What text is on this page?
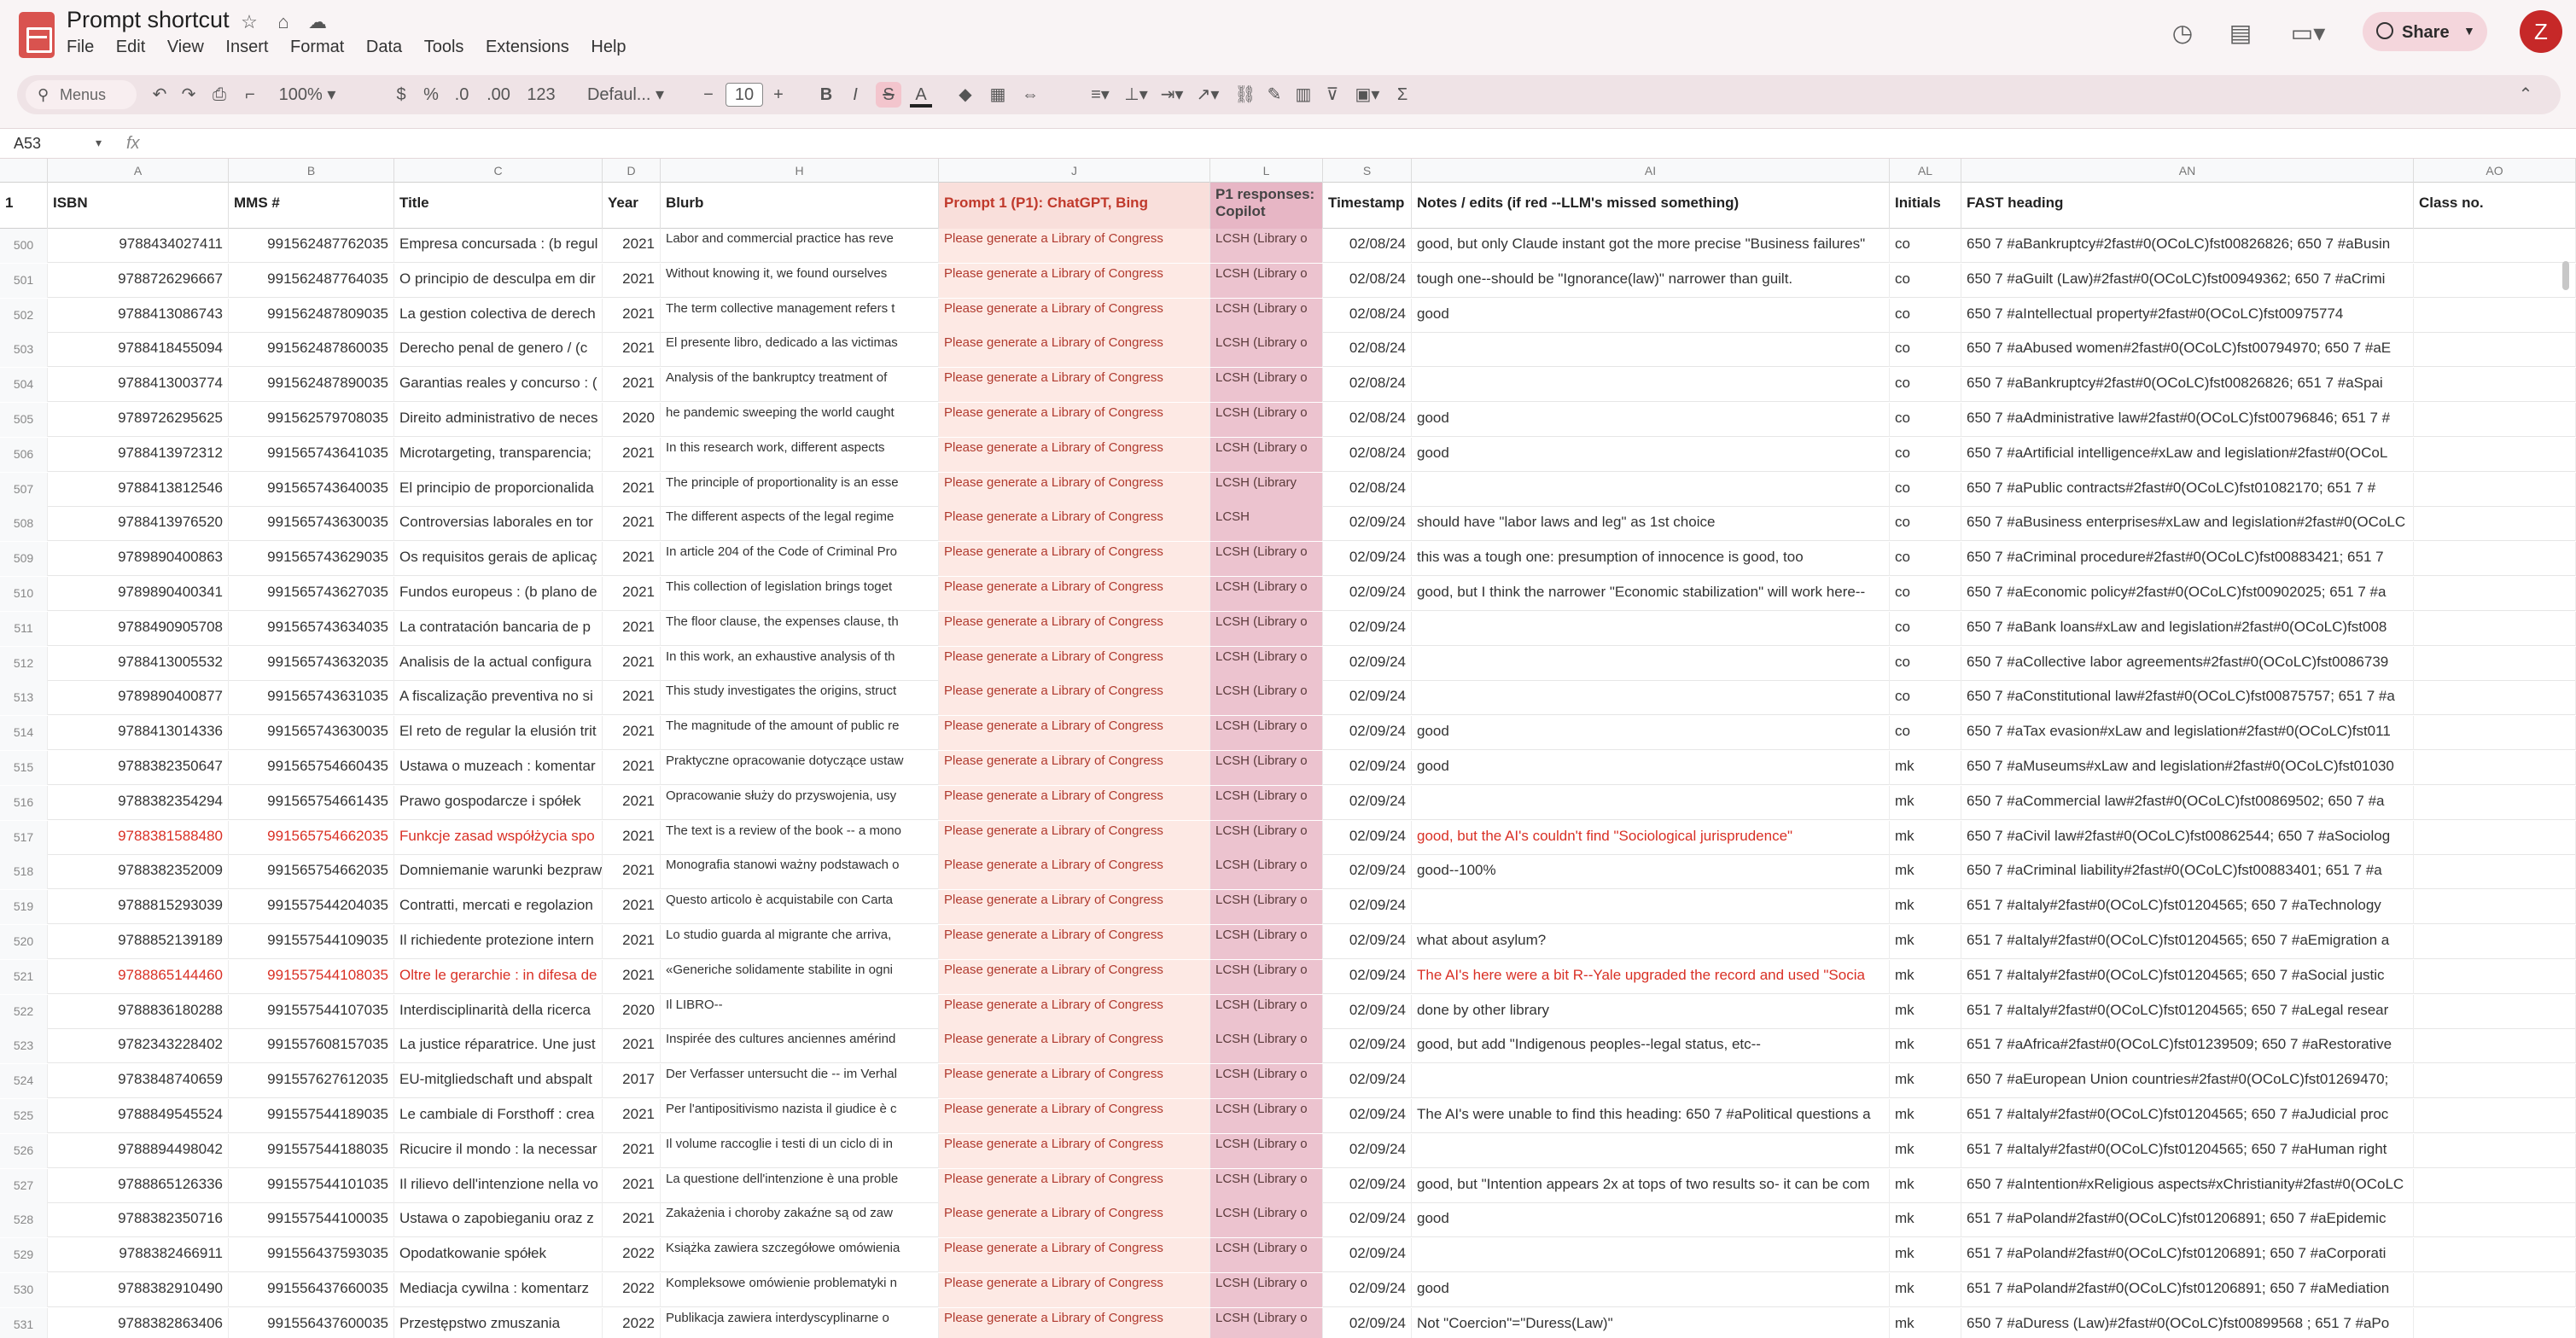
Prompt shortcut ☆ ⌂ ☁
File Edit View Insert Format Data Tools Extensions Help
◷ ▤ ▭▾	Share ▼	Z
⚲ Menus	↶ ↷ ⎙	⌐	100% ▾	$ % .0	.00 123	Defaul... ▾	−	10	+ B	I	S	A	◆ ▦ ⇔	≡▾ ⊥▾ ⇥▾ ↗▾ ⛓ ✎ ▥ ⊽ ▣▾	Σ	⌃
A53	▾ fx
A	B	C	D	H	J	L	S	AI	AL	AN	AO
1	ISBN	MMS #	Title	Year	Blurb	Prompt 1 (P1): ChatGPT, Bing
P1 responses: Copilot
Timestamp Notes / edits (if red --LLM's missed something)	Initials	FAST heading	Class no.
500	9788434027411	991562487762035 Empresa concursada : (b regul	2021 Labor and commercial practice has reve	Please generate a Library of Congress	LCSH (Library o	02/08/24 good, but only Claude instant got the more precise "Business failures"	co	650 7 #aBankruptcy#2fast#0(OCoLC)fst00826826; 650 7 #aBusin
501	9788726296667	991562487764035 O principio de desculpa em dir	2021 Without knowing it, we found ourselves	Please generate a Library of Congress	LCSH (Library o	02/08/24 tough one--should be "Ignorance(law)" narrower than guilt.	co	650 7 #aGuilt (Law)#2fast#0(OCoLC)fst00949362; 650 7 #aCrimi
502	9788413086743	991562487809035 La gestion colectiva de derech	2021 The term collective management refers t	Please generate a Library of Congress	LCSH (Library o	02/08/24 good	co	650 7 #aIntellectual property#2fast#0(OCoLC)fst00975774
503	9788418455094	991562487860035 Derecho penal de genero / (c	2021 El presente libro, dedicado a las victimas	Please generate a Library of Congress	LCSH (Library o	02/08/24	co	650 7 #aAbused women#2fast#0(OCoLC)fst00794970; 650 7 #aE
504	9788413003774	991562487890035 Garantias reales y concurso : (	2021 Analysis of the bankruptcy treatment of	Please generate a Library of Congress	LCSH (Library o	02/08/24	co	650 7 #aBankruptcy#2fast#0(OCoLC)fst00826826; 651 7 #aSpai
505	9789726295625	991562579708035 Direito administrativo de neces	2020 he pandemic sweeping the world caught	Please generate a Library of Congress	LCSH (Library o	02/08/24 good	co	650 7 #aAdministrative law#2fast#0(OCoLC)fst00796846; 651 7 #
506	9788413972312	991565743641035 Microtargeting, transparencia;	2021 In this research work, different aspects	Please generate a Library of Congress	LCSH (Library o	02/08/24 good	co	650 7 #aArtificial intelligence#xLaw and legislation#2fast#0(OCoL
507	9788413812546	991565743640035 El principio de proporcionalida	2021 The principle of proportionality is an esse	Please generate a Library of Congress	LCSH (Library	02/08/24	co	650 7 #aPublic contracts#2fast#0(OCoLC)fst01082170; 651 7 #
508	9788413976520	991565743630035 Controversias laborales en tor	2021 The different aspects of the legal regime	Please generate a Library of Congress	LCSH	02/09/24 should have "labor laws and leg" as 1st choice	co	650 7 #aBusiness enterprises#xLaw and legislation#2fast#0(OCoLC
509	9789890400863	991565743629035 Os requisitos gerais de aplicaç	2021 In article 204 of the Code of Criminal Pro	Please generate a Library of Congress	LCSH (Library o	02/09/24 this was a tough one: presumption of innocence is good, too	co	650 7 #aCriminal procedure#2fast#0(OCoLC)fst00883421; 651 7
510	9789890400341	991565743627035 Fundos europeus : (b plano de	2021 This collection of legislation brings toget	Please generate a Library of Congress	LCSH (Library o	02/09/24 good, but I think the narrower "Economic stabilization" will work here--	co	650 7 #aEconomic policy#2fast#0(OCoLC)fst00902025; 651 7 #a
511	9788490905708	991565743634035 La contratación bancaria de p	2021 The floor clause, the expenses clause, th	Please generate a Library of Congress	LCSH (Library o	02/09/24	co	650 7 #aBank loans#xLaw and legislation#2fast#0(OCoLC)fst008
512	9788413005532	991565743632035 Analisis de la actual configura	2021 In this work, an exhaustive analysis of th	Please generate a Library of Congress	LCSH (Library o	02/09/24	co	650 7 #aCollective labor agreements#2fast#0(OCoLC)fst0086739
513	9789890400877	991565743631035 A fiscalização preventiva no si	2021 This study investigates the origins, struct	Please generate a Library of Congress	LCSH (Library o	02/09/24	co	650 7 #aConstitutional law#2fast#0(OCoLC)fst00875757; 651 7 #a
514	9788413014336	991565743630035 El reto de regular la elusión trit	2021 The magnitude of the amount of public re	Please generate a Library of Congress	LCSH (Library o	02/09/24 good	co	650 7 #aTax evasion#xLaw and legislation#2fast#0(OCoLC)fst011
515	9788382350647	991565754660435 Ustawa o muzeach : komentar	2021 Praktyczne opracowanie dotyczące ustaw	Please generate a Library of Congress	LCSH (Library o	02/09/24 good	mk	650 7 #aMuseums#xLaw and legislation#2fast#0(OCoLC)fst01030
516	9788382354294	991565754661435 Prawo gospodarcze i spółek	2021 Opracowanie służy do przyswojenia, usy	Please generate a Library of Congress	LCSH (Library o	02/09/24	mk	650 7 #aCommercial law#2fast#0(OCoLC)fst00869502; 650 7 #a
517	9788381588480	991565754662035 Funkcje zasad współżycia spo	2021 The text is a review of the book -- a mono	Please generate a Library of Congress	LCSH (Library o	02/09/24 good, but the AI's couldn't find "Sociological jurisprudence"	mk	650 7 #aCivil law#2fast#0(OCoLC)fst00862544; 650 7 #aSociolog
518	9788382352009	991565754662035 Domniemanie warunki bezpraw	2021 Monografia stanowi ważny podstawach o	Please generate a Library of Congress	LCSH (Library o	02/09/24 good--100%	mk	650 7 #aCriminal liability#2fast#0(OCoLC)fst00883401; 651 7 #a
519	9788815293039	991557544204035 Contratti, mercati e regolazion	2021 Questo articolo è acquistabile con Carta	Please generate a Library of Congress	LCSH (Library o	02/09/24	mk	651 7 #aItaly#2fast#0(OCoLC)fst01204565; 650 7 #aTechnology
520	9788852139189	991557544109035 Il richiedente protezione intern	2021 Lo studio guarda al migrante che arriva,	Please generate a Library of Congress	LCSH (Library o	02/09/24 what about asylum?	mk	651 7 #aItaly#2fast#0(OCoLC)fst01204565; 650 7 #aEmigration a
521	9788865144460	991557544108035 Oltre le gerarchie : in difesa de	2021 «Generiche solidamente stabilite in ogni	Please generate a Library of Congress	LCSH (Library o	02/09/24 The AI's here were a bit R--Yale upgraded the record and used "Socia	mk	651 7 #aItaly#2fast#0(OCoLC)fst01204565; 650 7 #aSocial justic
522	9788836180288	991557544107035 Interdisciplinarità della ricerca	2020 Il LIBRO--	Please generate a Library of Congress	LCSH (Library o	02/09/24 done by other library	mk	651 7 #aItaly#2fast#0(OCoLC)fst01204565; 650 7 #aLegal resear
523	9782343228402	991557608157035 La justice réparatrice. Une just	2021 Inspirée des cultures anciennes amérind	Please generate a Library of Congress	LCSH (Library o	02/09/24 good, but add "Indigenous peoples--legal status, etc--	mk	651 7 #aAfrica#2fast#0(OCoLC)fst01239509; 650 7 #aRestorative
524	9783848740659	991557627612035 EU-mitgliedschaft und abspalt	2017 Der Verfasser untersucht die -- im Verhal	Please generate a Library of Congress	LCSH (Library o	02/09/24	mk	650 7 #aEuropean Union countries#2fast#0(OCoLC)fst01269470;
525	9788849545524	991557544189035 Le cambiale di Forsthoff : crea	2021 Per l'antipositivismo nazista il giudice è c	Please generate a Library of Congress	LCSH (Library o	02/09/24 The AI's were unable to find this heading: 650 7 #aPolitical questions a	mk	651 7 #aItaly#2fast#0(OCoLC)fst01204565; 650 7 #aJudicial proc
526	9788894498042	991557544188035 Ricucire il mondo : la necessar	2021 Il volume raccoglie i testi di un ciclo di in	Please generate a Library of Congress	LCSH (Library o	02/09/24	mk	651 7 #aItaly#2fast#0(OCoLC)fst01204565; 650 7 #aHuman right
527	9788865126336	991557544101035 Il rilievo dell'intenzione nella vo	2021 La questione dell'intenzione è una proble	Please generate a Library of Congress	LCSH (Library o	02/09/24 good, but "Intention appears 2x at tops of two results so- it can be com	mk	650 7 #aIntention#xReligious aspects#xChristianity#2fast#0(OCoLC
528	9788382350716	991557544100035 Ustawa o zapobieganiu oraz z	2021 Zakażenia i choroby zakaźne są od zaw	Please generate a Library of Congress	LCSH (Library o	02/09/24 good	mk	651 7 #aPoland#2fast#0(OCoLC)fst01206891; 650 7 #aEpidemic
529	9788382466911	991556437593035 Opodatkowanie spółek	2022 Książka zawiera szczegółowe omówienia	Please generate a Library of Congress	LCSH (Library o	02/09/24	mk	651 7 #aPoland#2fast#0(OCoLC)fst01206891; 650 7 #aCorporati
530	9788382910490	991556437660035 Mediacja cywilna : komentarz	2022 Kompleksowe omówienie problematyki n	Please generate a Library of Congress	LCSH (Library o	02/09/24 good	mk	651 7 #aPoland#2fast#0(OCoLC)fst01206891; 650 7 #aMediation
531	9788382863406	991556437600035 Przestępstwo zmuszania	2022 Publikacja zawiera interdyscyplinarne o	Please generate a Library of Congress	LCSH (Library o	02/09/24 Not "Coercion"="Duress(Law)"	mk	650 7 #aDuress (Law)#2fast#0(OCoLC)fst00899568 ; 651 7 #aPo
